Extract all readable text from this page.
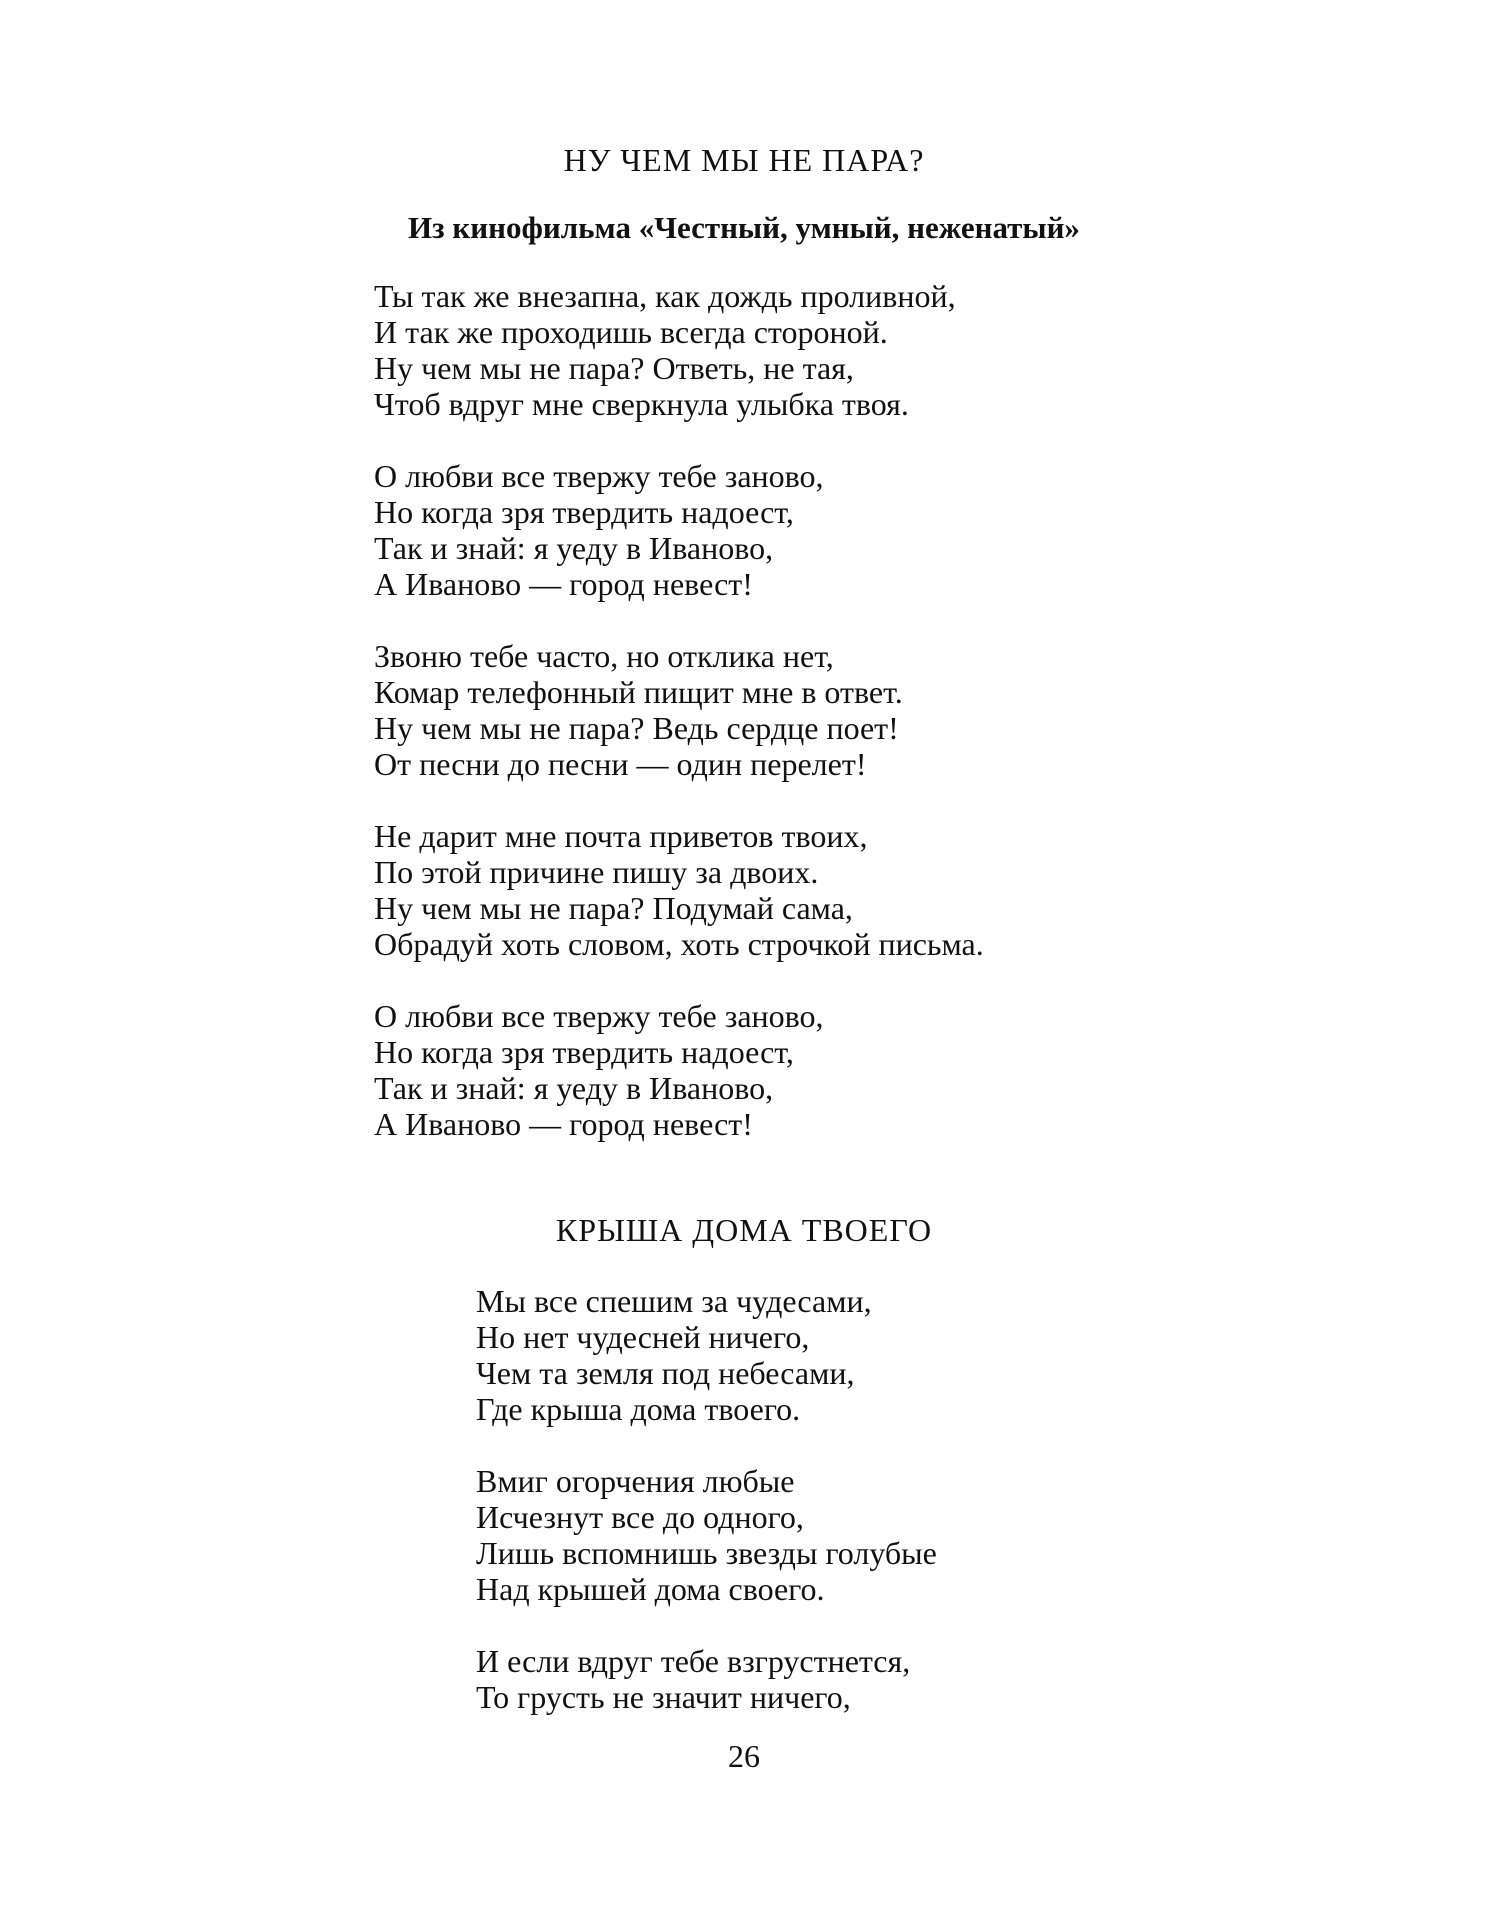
НУ ЧЕМ МЫ НЕ ПАРА?
Из кинофильма «Честный, умный, неженатый»
Ты так же внезапна, как дождь проливной,
И так же проходишь всегда стороной.
Ну чем мы не пара? Ответь, не тая,
Чтоб вдруг мне сверкнула улыбка твоя.
О любви все твержу тебе заново,
Но когда зря твердить надоест,
Так и знай: я уеду в Иваново,
А Иваново — город невест!
Звоню тебе часто, но отклика нет,
Комар телефонный пищит мне в ответ.
Ну чем мы не пара? Ведь сердце поет!
От песни до песни — один перелет!
Не дарит мне почта приветов твоих,
По этой причине пишу за двоих.
Ну чем мы не пара? Подумай сама,
Обрадуй хоть словом, хоть строчкой письма.
О любви все твержу тебе заново,
Но когда зря твердить надоест,
Так и знай: я уеду в Иваново,
А Иваново — город невест!
КРЫША ДОМА ТВОЕГО
Мы все спешим за чудесами,
Но нет чудесней ничего,
Чем та земля под небесами,
Где крыша дома твоего.
Вмиг огорчения любые
Исчезнут все до одного,
Лишь вспомнишь звезды голубые
Над крышей дома своего.
И если вдруг тебе взгрустнется,
То грусть не значит ничего,
26
